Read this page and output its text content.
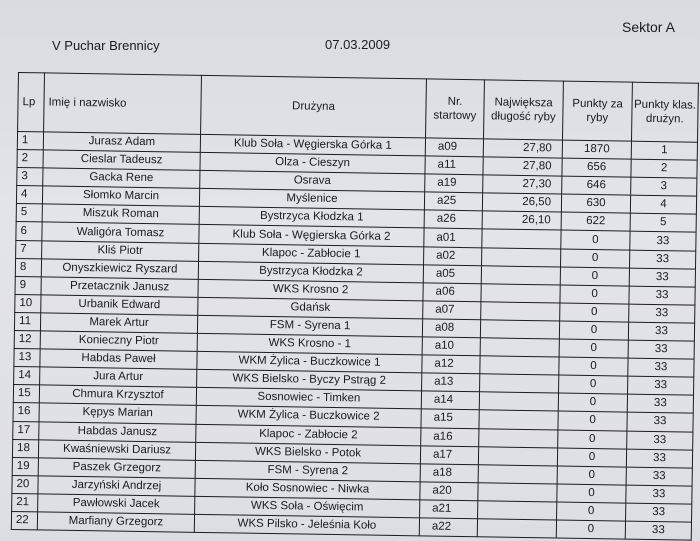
V Puchar Brennicy	07.03.2009
Sektor A
Lp	Imię i nazwisko	Drużyna	Nr. startowy	Największa długość ryby	Punkty za ryby	Punkty klas. drużyn.
1	Jurasz Adam	Klub Soła - Węgierska Górka 1	a09	27,80	1870	1
2	Cieslar Tadeusz	Olza - Cieszyn	a11	27,80	656	2
3	Gacka Rene	Osrava	a19	27,30	646	3
4	Słomko Marcin	Myślenice	a25	26,50	630	4
5	Miszuk Roman	Bystrzyca Kłodzka 1	a26	26,10	622	5
6	Waligóra Tomasz	Klub Soła - Węgierska Górka 2	a01		0	33
7	Kliś Piotr	Klapoc - Zabłocie 1	a02		0	33
8	Onyszkiewicz Ryszard	Bystrzyca Kłodzka 2	a05		0	33
9	Przetacznik Janusz	WKS Krosno 2	a06		0	33
10	Urbanik Edward	Gdańsk	a07		0	33
11	Marek Artur	FSM - Syrena 1	a08		0	33
12	Konieczny Piotr	WKS Krosno - 1	a10		0	33
13	Habdas Paweł	WKM Żylica - Buczkowice 1	a12		0	33
14	Jura Artur	WKS Bielsko - Byczy Pstrąg 2	a13		0	33
15	Chmura Krzysztof	Sosnowiec - Timken	a14		0	33
16	Kępys Marian	WKM Żylica - Buczkowice 2	a15		0	33
17	Habdas Janusz	Klapoc - Zabłocie 2	a16		0	33
18	Kwaśniewski Dariusz	WKS Bielsko - Potok	a17		0	33
19	Paszek Grzegorz	FSM - Syrena 2	a18		0	33
20	Jarzyński Andrzej	Koło Sosnowiec - Niwka	a20		0	33
21	Pawłowski Jacek	WKS Soła - Oświęcim	a21		0	33
22	Marfiany Grzegorz	WKS Pilsko - Jeleśnia Koło	a22		0	33
